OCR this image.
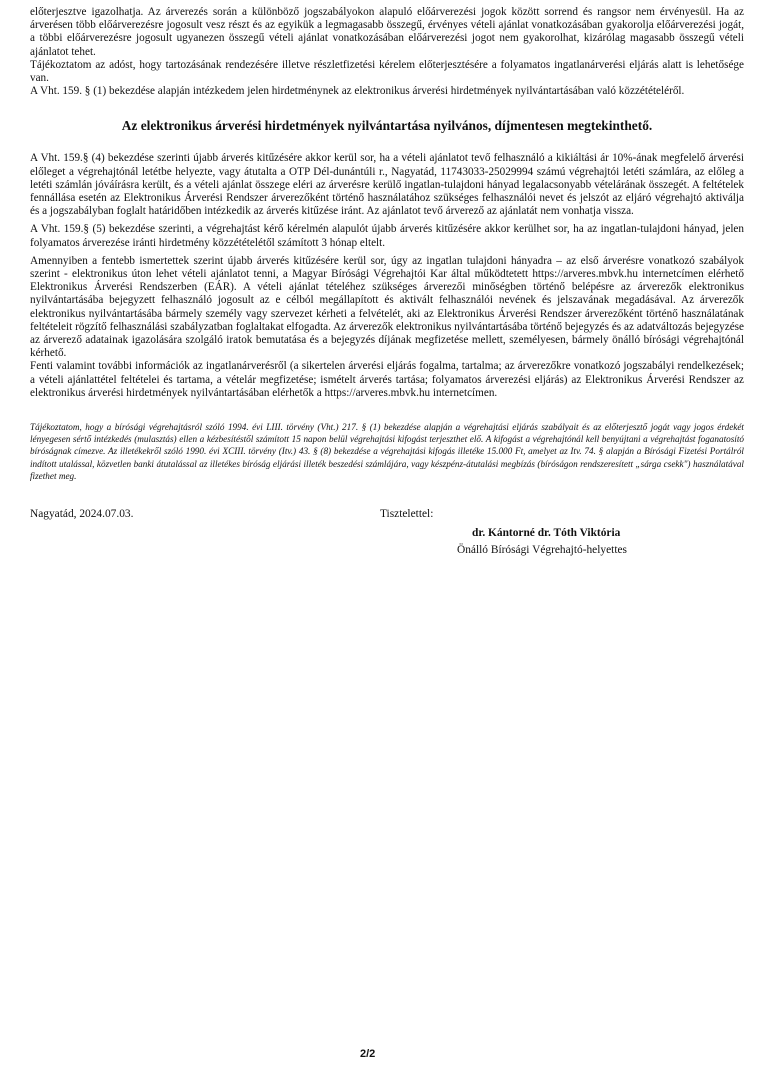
előterjesztve igazolhatja. Az árverezés során a különböző jogszabályokon alapuló előárverezési jogok között sorrend és rangsor nem érvényesül. Ha az árverésen több előárverezésre jogosult vesz részt és az egyikük a legmagasabb összegű, érvényes vételi ajánlat vonatkozásában gyakorolja előárverezési jogát, a többi előárverezésre jogosult ugyanezen összegű vételi ajánlat vonatkozásában előárverezési jogot nem gyakorolhat, kizárólag magasabb összegű vételi ajánlatot tehet.

Tájékoztatom az adóst, hogy tartozásának rendezésére illetve részletfizetési kérelem előterjesztésére a folyamatos ingatlanárverési eljárás alatt is lehetősége van.

A Vht. 159. § (1) bekezdése alapján intézkedem jelen hirdetménynek az elektronikus árverési hirdetmények nyilvántartásában való közzétételéről.

Az elektronikus árverési hirdetmények nyilvántartása nyilvános, díjmentesen megtekinthető.

A Vht. 159.§ (4) bekezdése szerinti újabb árverés kitűzésére akkor kerül sor, ha a vételi ajánlatot tevő felhasználó a kikiáltási ár 10%-ának megfelelő árverési előleget a végrehajtónál letétbe helyezte, vagy átutalta a OTP Dél-dunántúli r., Nagyatád, 11743033-25029994 számú végrehajtói letéti számlára, az előleg a letéti számlán jóváírásra került, és a vételi ajánlat összege eléri az árverésre kerülő ingatlan-tulajdoni hányad legalacsonyabb vételárának összegét. A feltételek fennállása esetén az Elektronikus Árverési Rendszer árverezőként történő használatához szükséges felhasználói nevet és jelszót az eljáró végrehajtó aktiválja és a jogszabályban foglalt határidőben intézkedik az árverés kitűzése iránt. Az ajánlatot tevő árverező az ajánlatát nem vonhatja vissza.

A Vht. 159.§ (5) bekezdése szerinti, a végrehajtást kérő kérelmén alapulót újabb árverés kitűzésére akkor kerülhet sor, ha az ingatlan-tulajdoni hányad, jelen folyamatos árverezése iránti hirdetmény közzétételétől számított 3 hónap eltelt.

Amennyiben a fentebb ismertettek szerint újabb árverés kitűzésére kerül sor, úgy az ingatlan tulajdoni hányadra – az első árverésre vonatkozó szabályok szerint - elektronikus úton lehet vételi ajánlatot tenni, a Magyar Bírósági Végrehajtói Kar által működtetett https://arveres.mbvk.hu internetcímen elérhető Elektronikus Árverési Rendszerben (EÁR). A vételi ajánlat tételéhez szükséges árverezői minőségben történő belépésre az árverezők elektronikus nyilvántartásába bejegyzett felhasználó jogosult az e célból megállapított és aktivált felhasználói nevének és jelszavának megadásával. Az árverezők elektronikus nyilvántartásába bármely személy vagy szervezet kérheti a felvételét, aki az Elektronikus Árverési Rendszer árverezőként történő használatának feltételeit rögzítő felhasználási szabályzatban foglaltakat elfogadta. Az árverezők elektronikus nyilvántartásába történő bejegyzés és az adatváltozás bejegyzése az árverező adatainak igazolására szolgáló iratok bemutatása és a bejegyzés díjának megfizetése mellett, személyesen, bármely önálló bírósági végrehajtónál kérhető.

Fenti valamint további információk az ingatlanárverésről (a sikertelen árverési eljárás fogalma, tartalma; az árverezőkre vonatkozó jogszabályi rendelkezések; a vételi ajánlattétel feltételei és tartama, a vételár megfizetése; ismételt árverés tartása; folyamatos árverezési eljárás) az Elektronikus Árverési Rendszer az elektronikus árverési hirdetmények nyilvántartásában elérhetők a https://arveres.mbvk.hu internetcímen.

Tájékoztatom, hogy a bírósági végrehajtásról szóló 1994. évi LIII. törvény (Vht.) 217. § (1) bekezdése alapján a végrehajtási eljárás szabályait és az előterjesztő jogát vagy jogos érdekét lényegesen sértő intézkedés (mulasztás) ellen a kézbesítéstől számított 15 napon belül végrehajtási kifogást terjeszthet elő. A kifogást a végrehajtónál kell benyújtani a végrehajtást foganatosító bíróságnak címezve. Az illetékekről szóló 1990. évi XCIII. törvény (Itv.) 43. § (8) bekezdése a végrehajtási kifogás illetéke 15.000 Ft, amelyet az Itv. 74. § alapján a Bírósági Fizetési Portálról indított utalással, közvetlen banki átutalással az illetékes bíróság eljárási illeték beszedési számlájára, vagy készpénz-átutalási megbízás (bíróságon rendszeresített „sárga csekk") használatával fizethet meg.

Nagyatád, 2024.07.03.	Tisztelettel:
dr. Kántorné dr. Tóth Viktória
Önálló Bírósági Végrehajtó-helyettes
2/2
